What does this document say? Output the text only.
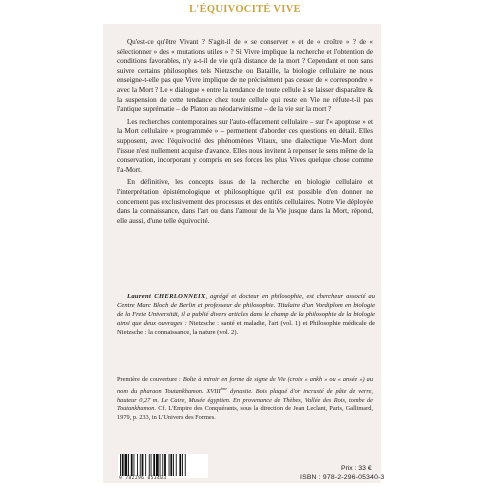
L'ÉQUIVOCITÉ VIVE

Qu'est-ce qu'être Vivant ? S'agit-il de « se conserver » et de « croître » ? de « sélectionner » des « mutations utiles » ? Si Vivre implique la recherche et l'obtention de conditions favorables, n'y a-t-il de vie qu'à distance de la mort ? Cependant et non sans suivre certains philosophes tels Nietzsche ou Bataille, la biologie cellulaire ne nous enseigne-t-elle pas que Vivre implique de ne précisément pas cesser de « correspondre » avec la Mort ? Le « dialogue » entre la tendance de toute cellule à se laisser disparaître & la suspension de cette tendance chez toute cellule qui reste en Vie ne réfute-t-il pas l'antique suprématie – de Platon au néodarwinisme – de la vie sur la mort ?

Les recherches contemporaines sur l'auto-effacement cellulaire – sur l'« apoptose » et la Mort cellulaire « programmée » – permettent d'aborder ces questions en détail. Elles supposent, avec l'équivocité des phénomènes Vitaux, une dialectique Vie-Mort dont l'issue n'est nullement acquise d'avance. Elles nous invitent à repenser le sens même de la conservation, incorporant y compris en ses forces les plus Vives quelque chose comme l'a-Mort.

En définitive, les concepts issus de la recherche en biologie cellulaire et l'interprétation épistémologique et philosophique qu'il est possible d'en donner ne concernent pas exclusivement des processus et des entités cellulaires. Notre Vie déployée dans la connaissance, dans l'art ou dans l'amour de la Vie jusque dans la Mort, répond, elle aussi, d'une telle équivocité.

Laurent CHERLONNEIX, agrégé et docteur en philosophie, est chercheur associé au Centre Marc Bloch de Berlin et professeur de philosophie. Titulaire d'un Vordiplom en biologie de la Freie Universität, il a publié divers articles dans le champ de la philosophie de la biologie ainsi que deux ouvrages : Nietzsche : santé et maladie, l'art (vol. 1) et Philosophie médicale de Nietzsche : la connaissance, la nature (vol. 2).
Première de couverture : Boîte à miroir en forme de signe de Vie (croix « ankh » ou « ansée ») au nom du pharaon Toutankhamon. XVIIIème dynastie. Bois plaqué d'or incrusté de pâte de verre, hauteur 0,27 m. Le Caire, Musée égyptien. En provenance de Thèbes, Vallée des Rois, tombe de Toutankhamon. Cf. L'Empire des Conquérants, sous la direction de Jean Leclant, Paris, Gallimard, 1979, p. 233, in L'Univers des Formes.
9 782296 053403
Prix : 33 €
ISBN : 978-2-296-05340-3
